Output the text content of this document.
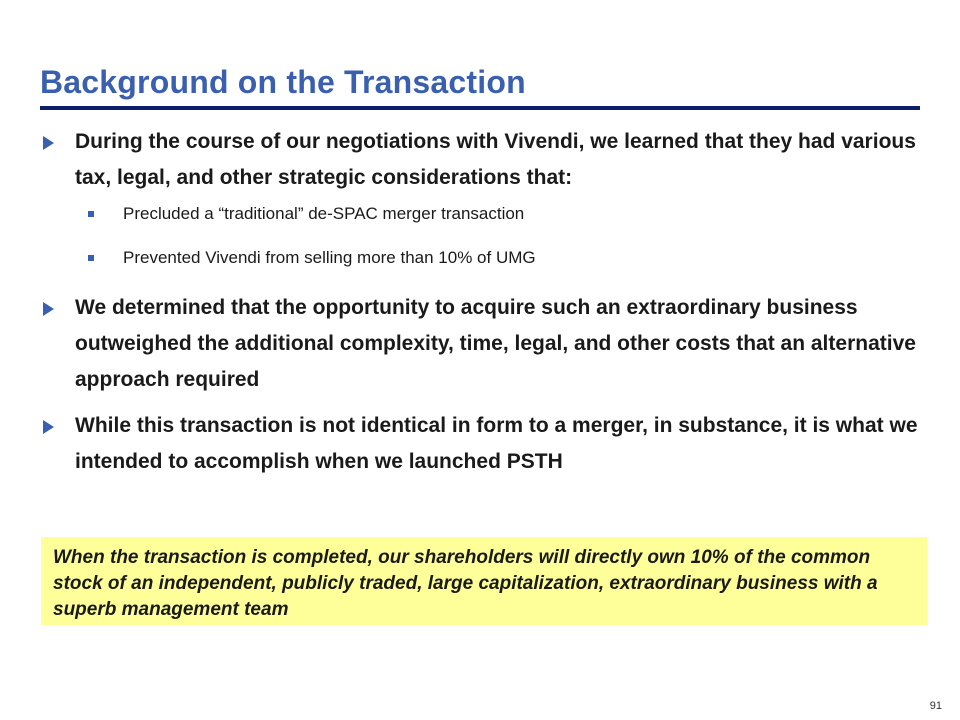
Background on the Transaction
During the course of our negotiations with Vivendi, we learned that they had various tax, legal, and other strategic considerations that:
Precluded a “traditional” de-SPAC merger transaction
Prevented Vivendi from selling more than 10% of UMG
We determined that the opportunity to acquire such an extraordinary business outweighed the additional complexity, time, legal, and other costs that an alternative approach required
While this transaction is not identical in form to a merger, in substance, it is what we intended to accomplish when we launched PSTH
When the transaction is completed, our shareholders will directly own 10% of the common stock of an independent, publicly traded, large capitalization, extraordinary business with a superb management team
91
